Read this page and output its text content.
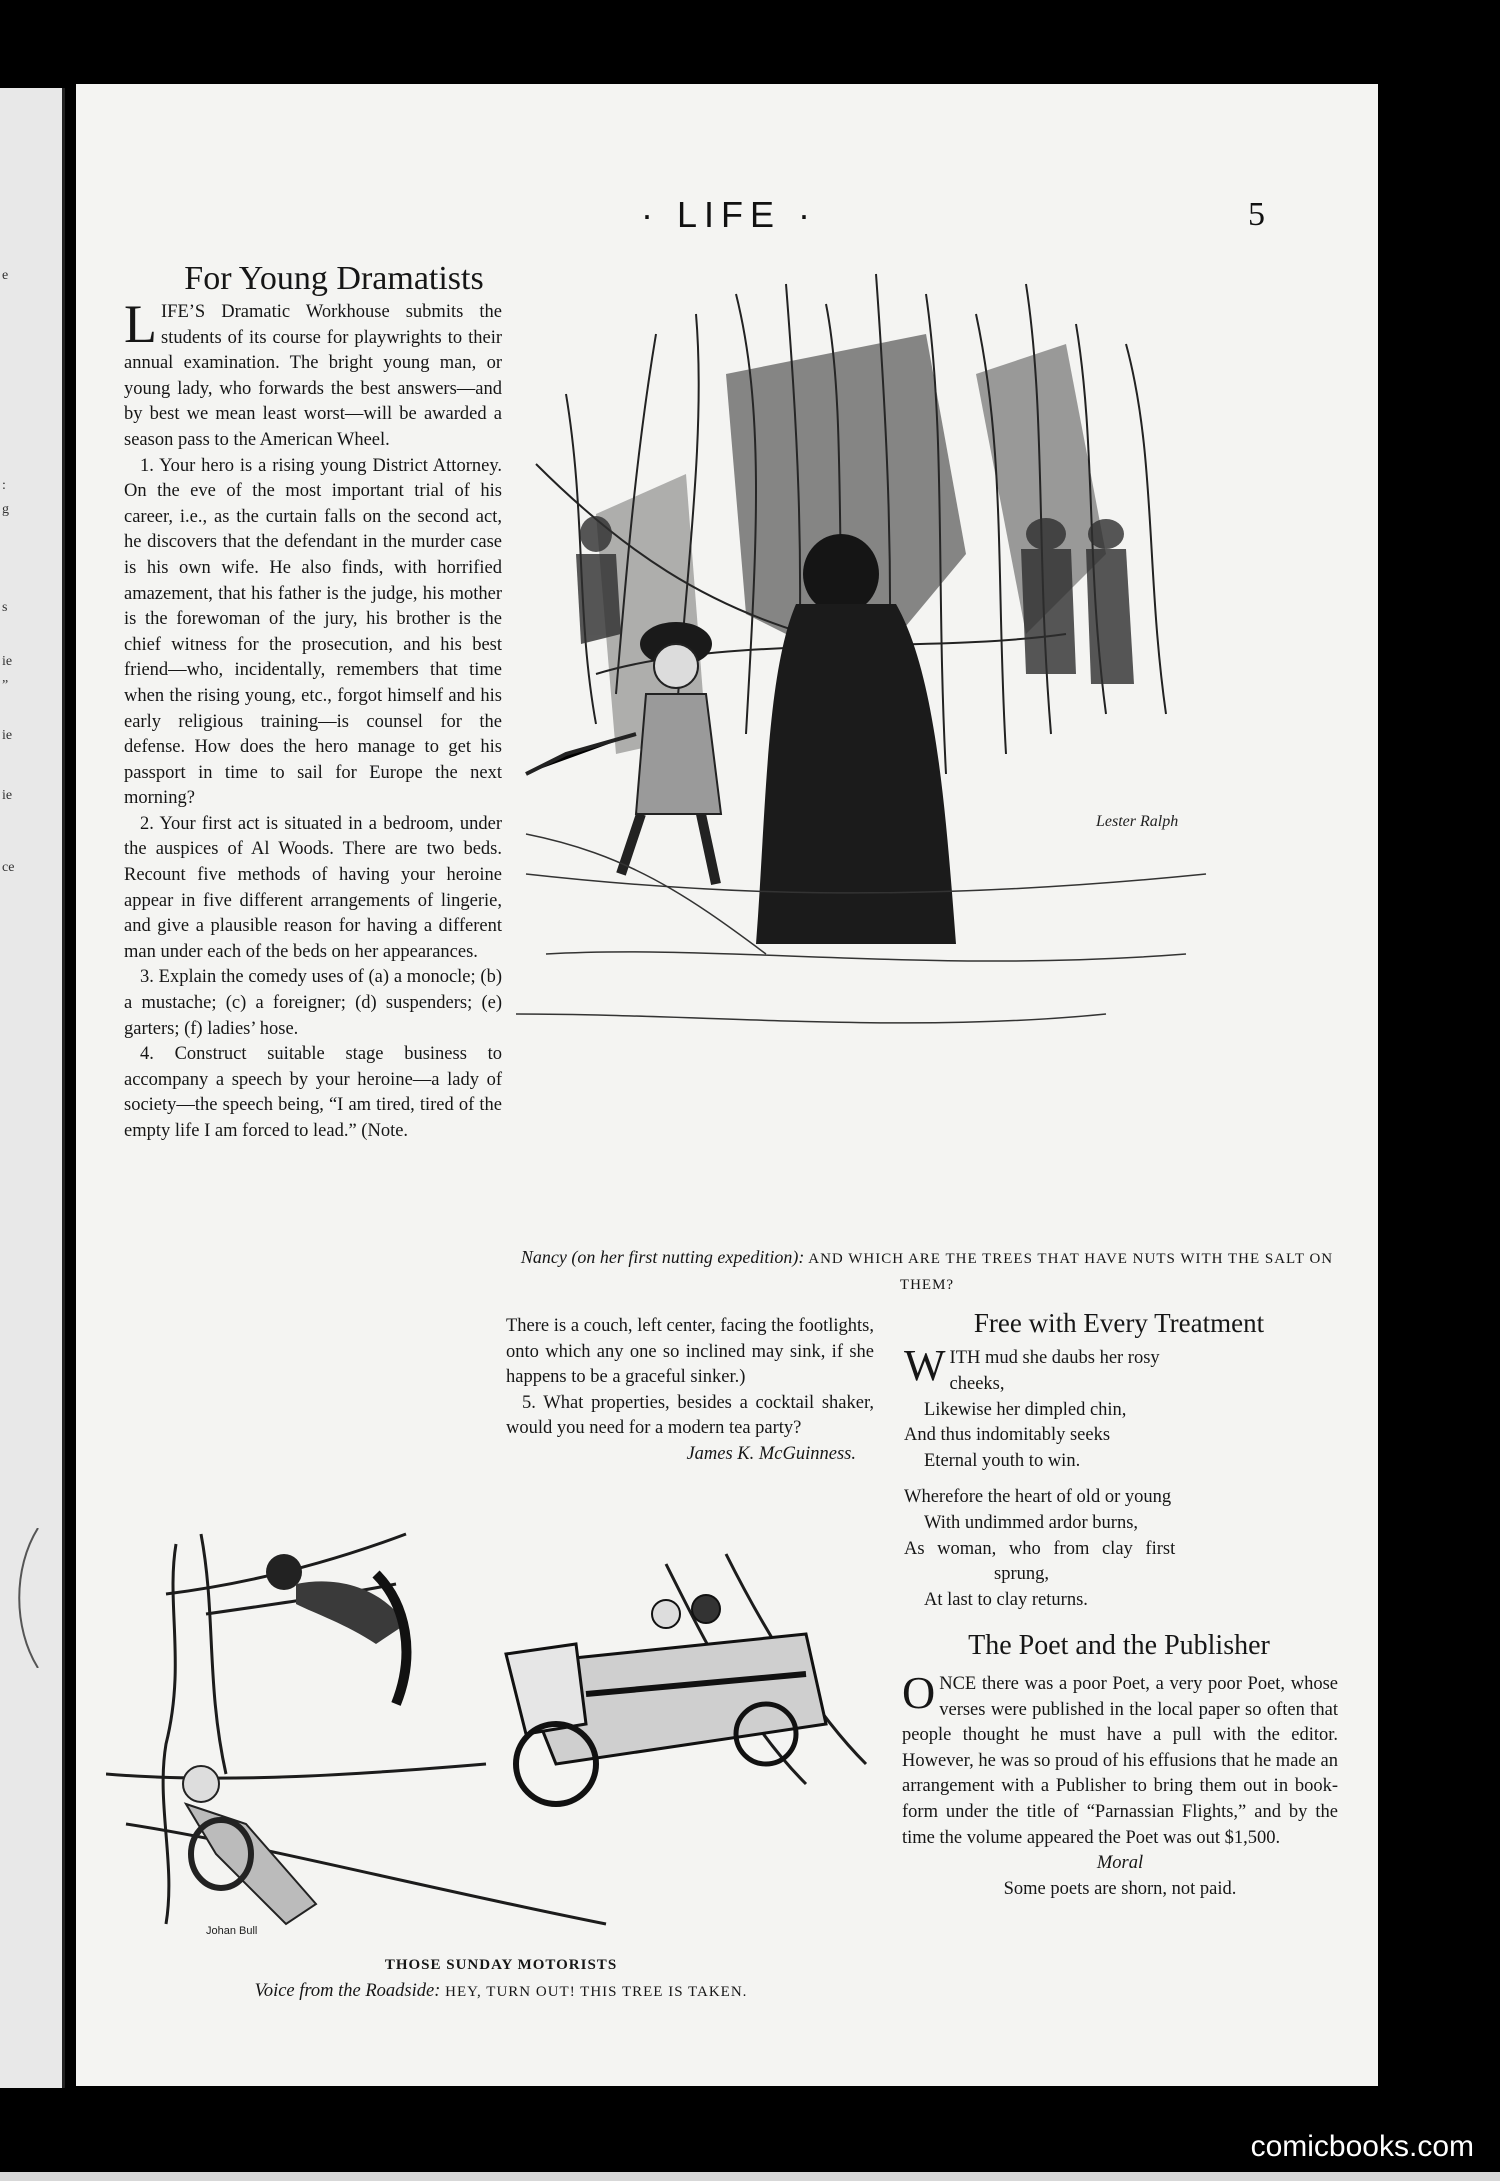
e
:
g
s
ie
”
ie
ie
ce
· LIFE ·	5
For Young Dramatists

LIFE’S Dramatic Workhouse submits the students of its course for playwrights to their annual examination. The bright young man, or young lady, who forwards the best answers—and by best we mean least worst—will be awarded a season pass to the American Wheel.

1. Your hero is a rising young District Attorney. On the eve of the most important trial of his career, i.e., as the curtain falls on the second act, he discovers that the defendant in the murder case is his own wife. He also finds, with horrified amazement, that his father is the judge, his mother is the forewoman of the jury, his brother is the chief witness for the prosecution, and his best friend—who, incidentally, remembers that time when the rising young, etc., forgot himself and his early religious training—is counsel for the defense. How does the hero manage to get his passport in time to sail for Europe the next morning?

2. Your first act is situated in a bedroom, under the auspices of Al Woods. There are two beds. Recount five methods of having your heroine appear in five different arrangements of lingerie, and give a plausible reason for having a different man under each of the beds on her appearances.

3. Explain the comedy uses of (a) a monocle; (b) a mustache; (c) a foreigner; (d) suspenders; (e) garters; (f) ladies’ hose.

4. Construct suitable stage business to accompany a speech by your heroine—a lady of society—the speech being, “I am tired, tired of the empty life I am forced to lead.” (Note.

Lester Ralph
Nancy (on her first nutting expedition): AND WHICH ARE THE TREES THAT HAVE NUTS WITH THE SALT ON THEM?

There is a couch, left center, facing the footlights, onto which any one so inclined may sink, if she happens to be a graceful sinker.)

5. What properties, besides a cocktail shaker, would you need for a modern tea party?

James K. McGuinness.

Free with Every Treatment
WITH mud she daubs her rosy
cheeks,
Likewise her dimpled chin,
And thus indomitably seeks
Eternal youth to win.
Wherefore the heart of old or young
With undimmed ardor burns,
As woman, who from clay first
sprung,
At last to clay returns.
The Poet and the Publisher

ONCE there was a poor Poet, a very poor Poet, whose verses were published in the local paper so often that people thought he must have a pull with the editor. However, he was so proud of his effusions that he made an arrangement with a Publisher to bring them out in book-form under the title of “Parnassian Flights,” and by the time the volume appeared the Poet was out $1,500.

Moral

Some poets are shorn, not paid.

Johan Bull
THOSE SUNDAY MOTORISTS
Voice from the Roadside: HEY, TURN OUT! THIS TREE IS TAKEN.
comicbooks.com
